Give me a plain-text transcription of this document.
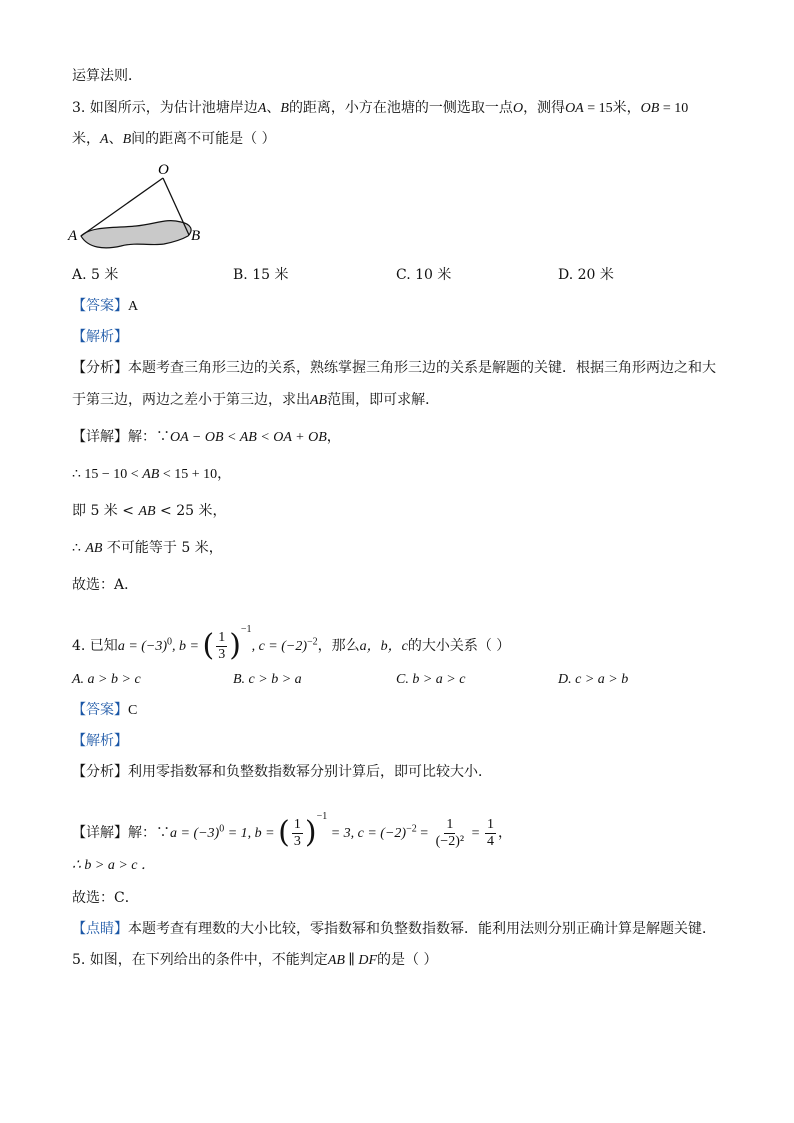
运算法则．
3. 如图所示，为估计池塘岸边A、B的距离，小方在池塘的一侧选取一点O，测得OA = 15米，OB = 10
米，A、B间的距离不可能是（ ）
O
A	B
A. 5 米	B. 15 米	C. 10 米	D. 20 米
【答案】A
【解析】
【分析】本题考查三角形三边的关系，熟练掌握三角形三边的关系是解题的关键．根据三角形两边之和大
于第三边，两边之差小于第三边，求出AB范围，即可求解．
【详解】解：∵OA − OB < AB < OA + OB，
∴ 15 − 10 < AB < 15 + 10，
即 5 米 < AB < 25 米，
∴ AB 不可能等于 5 米，
故选：A．
4. 已知$a = (-3)^0$, b = ( $\frac{1}{3} )^{-1}$, $c = (-2)^{-2}$，那么a，b，c的大小关系（ ）
A. a > b > c	B. c > b > a	C. b > a > c	D. c > a > b
【答案】C
【解析】
【分析】利用零指数幂和负整数指数幂分别计算后，即可比较大小．
【详解】解：∵a = $(-3)^0 = 1$, b = ( $\frac{1}{3} )^{-1} = 3$, $c = (-2)^{-2} = \frac{1}{\text{(−2)²}} = \frac{1}{4}$ ，
∴ b > a > c ．
故选：C．
【点睛】本题考查有理数的大小比较，零指数幂和负整数指数幂．能利用法则分别正确计算是解题关键．
5. 如图，在下列给出的条件中，不能判定AB ∥ DF的是（ ）
